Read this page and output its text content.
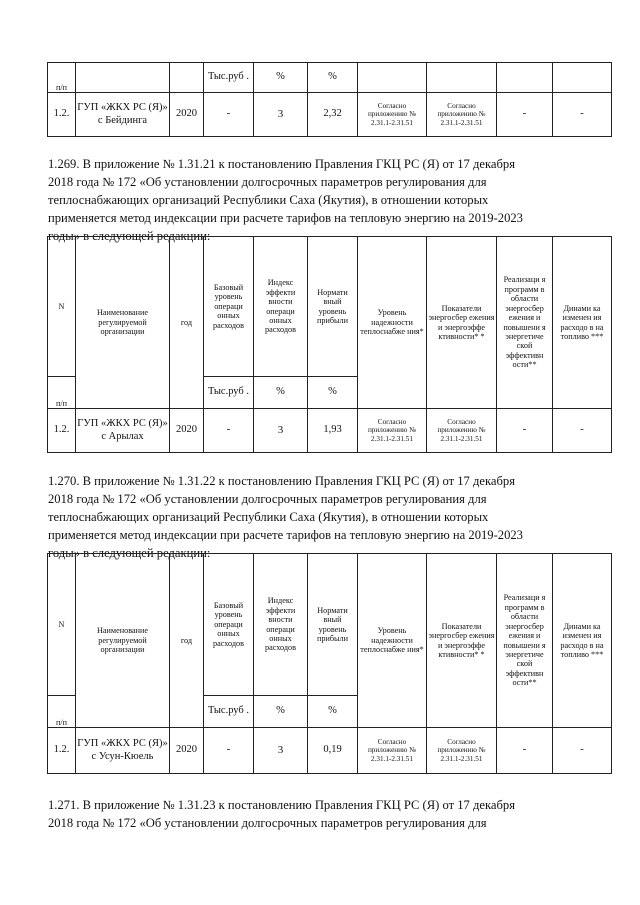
п/п			Тыс.руб .	%	%				
1.2.	ГУП «ЖКХ РС (Я)» с Бейдинга	2020	-	3	2,32	Согласно приложению № 2.31.1-2.31.51	Согласно приложению № 2.31.1-2.31.51	-	-
1.269. В приложение № 1.31.21 к постановлению Правления ГКЦ РС (Я) от 17 декабря
2018 года № 172 «Об установлении долгосрочных параметров регулирования для
теплоснабжающих организаций Республики Саха (Якутия), в отношении которых
применяется метод индексации при расчете тарифов на тепловую энергию на 2019-2023
годы» в следующей редакции:
N	Наименование регулируемой организации	год	Базовый уровень операци онных расходов	Индекс эффекти вности операци онных расходов	Нормати вный уровень прибыли	Уровень надежности теплоснабже ния*	Показатели энергосбер ежения и энергоэффе ктивности* *	Реализаци я программ в области энергосбер ежения и повышени я энергетиче ской эффективн ости**	Динами ка изменен ия расходо в на топливо ***
п/п			Тыс.руб .	%	%				
1.2.	ГУП «ЖКХ РС (Я)» с Арылах	2020	-	3	1,93	Согласно приложению № 2.31.1-2.31.51	Согласно приложению № 2.31.1-2.31.51	-	-
1.270. В приложение № 1.31.22 к постановлению Правления ГКЦ РС (Я) от 17 декабря
2018 года № 172 «Об установлении долгосрочных параметров регулирования для
теплоснабжающих организаций Республики Саха (Якутия), в отношении которых
применяется метод индексации при расчете тарифов на тепловую энергию на 2019-2023
годы» в следующей редакции:
N	Наименование регулируемой организации	год	Базовый уровень операци онных расходов	Индекс эффекти вности операци онных расходов	Нормати вный уровень прибыли	Уровень надежности теплоснабже ния*	Показатели энергосбер ежения и энергоэффе ктивности* *	Реализаци я программ в области энергосбер ежения и повышени я энергетиче ской эффективн ости**	Динами ка изменен ия расходо в на топливо ***
п/п			Тыс.руб .	%	%				
1.2.	ГУП «ЖКХ РС (Я)» с Усун-Кюель	2020	-	3	0,19	Согласно приложению № 2.31.1-2.31.51	Согласно приложению № 2.31.1-2.31.51	-	-
1.271. В приложение № 1.31.23 к постановлению Правления ГКЦ РС (Я) от 17 декабря
2018 года № 172 «Об установлении долгосрочных параметров регулирования для
